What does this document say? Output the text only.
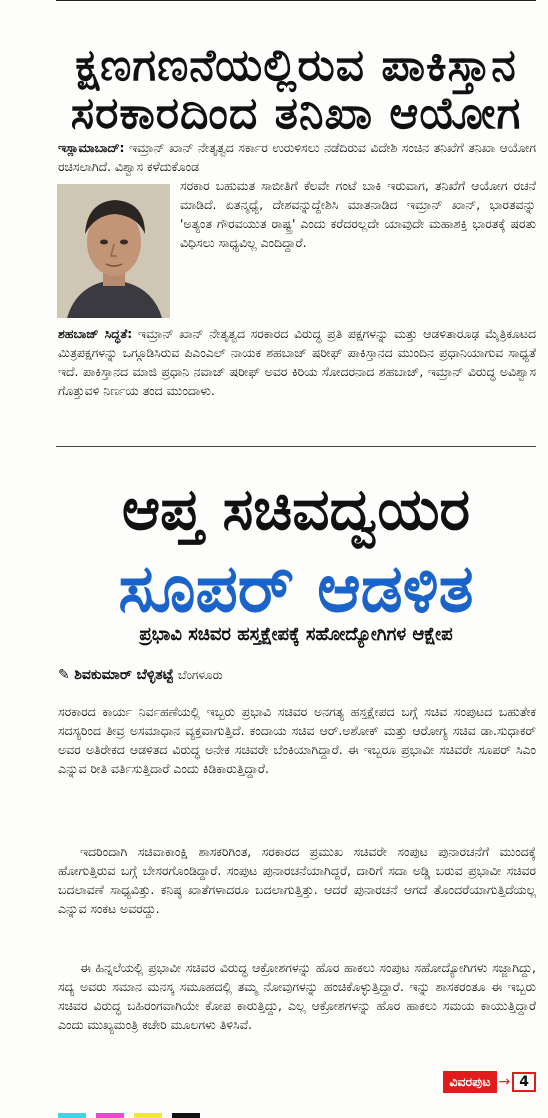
ಕ್ಷಣಗಣನೆಯಲ್ಲಿರುವ ಪಾಕಿಸ್ತಾನ
ಸರಕಾರದಿಂದ ತನಿಖಾ ಆಯೋಗ
ಇಸ್ಲಾಮಾಬಾದ್: ಇಮ್ರಾನ್ ಖಾನ್ ನೇತೃತ್ವದ ಸರ್ಕಾರ ಉರುಳಿಸಲು ನಡೆದಿರುವ ವಿದೇಶಿ ಸಂಚಿನ ತನಿಖೆಗೆ ತನಿಖಾ ಆಯೋಗ ರಚಿಸಲಾಗಿದೆ. ವಿಶ್ವಾಸ ಕಳೆದುಕೊಂಡ
ಸರಕಾರ ಬಹುಮತ ಸಾಬೀತಿಗೆ ಕೆಲವೇ ಗಂಟೆ ಬಾಕಿ ಇರುವಾಗ, ತನಿಖೆಗೆ ಆಯೋಗ ರಚನೆ ಮಾಡಿದೆ. ಏತನ್ಮಧ್ಯೆ, ದೇಶವನ್ನುದ್ದೇಶಿಸಿ ಮಾತನಾಡಿದ ಇಮ್ರಾನ್ ಖಾನ್, ಭಾರತವನ್ನು 'ಅತ್ಯಂತ ಗೌರವಯುತ ರಾಷ್ಟ್ರ' ಎಂದು ಕರೆದರಲ್ಲದೇ ಯಾವುದೇ ಮಹಾಶಕ್ತಿ ಭಾರತಕ್ಕೆ ಷರತು ವಿಧಿಸಲು ಸಾಧ್ಯವಿಲ್ಲ ಎಂದಿದ್ದಾರೆ.
ಶಹಬಾಜ್ ಸಿದ್ಧತೆ: ಇಮ್ರಾನ್ ಖಾನ್ ನೇತೃತ್ವದ ಸರಕಾರದ ವಿರುದ್ಧ ಪ್ರತಿ ಪಕ್ಷಗಳನ್ನು ಮತ್ತು ಆಡಳಿತಾರೂಢ ಮೈತ್ರಿಕೂಟದ ಮಿತ್ರಪಕ್ಷಗಳನ್ನು ಒಗ್ಗೂಡಿಸಿರುವ ಪಿಎಂಎಲ್ ನಾಯಕ ಶಹಬಾಜ್ ಷರೀಫ್ ಪಾಕಿಸ್ತಾನದ ಮುಂದಿನ ಪ್ರಧಾನಿಯಾಗುವ ಸಾಧ್ಯತೆ ಇದೆ. ಪಾಕಿಸ್ತಾನದ ಮಾಜಿ ಪ್ರಧಾನಿ ನವಾಜ್ ಷರೀಫ್ ಅವರ ಕಿರಿಯ ಸೋದರನಾದ ಶಹಬಾಜ್, ಇಮ್ರಾನ್ ವಿರುದ್ಧ ಅವಿಶ್ವಾಸ ಗೊತ್ತುವಳಿ ನಿರ್ಣಯ ತಂದ ಮುಂದಾಳು.
ಆಪ್ತ ಸಚಿವದ್ವಯರ
ಸೂಪರ್ ಆಡಳಿತ
ಪ್ರಭಾವಿ ಸಚಿವರ ಹಸ್ತಕ್ಷೇಪಕ್ಕೆ ಸಹೋದ್ಯೋಗಿಗಳ ಆಕ್ಷೇಪ
✎ ಶಿವಕುಮಾರ್ ಬೆಳ್ಳಿತಟ್ಟೆ ಬೆಂಗಳೂರು
ಸರಕಾರದ ಕಾರ್ಯ ನಿರ್ವಹಣೆಯಲ್ಲಿ ಇಬ್ಬರು ಪ್ರಭಾವಿ ಸಚಿವರ ಅನಗತ್ಯ ಹಸ್ತಕ್ಷೇಪದ ಬಗ್ಗೆ ಸಚಿವ ಸಂಪುಟದ ಬಹುತೇಕ ಸದಸ್ಯರಿಂದ ತೀವ್ರ ಅಸಮಾಧಾನ ವ್ಯಕ್ತವಾಗುತ್ತಿದೆ. ಕಂದಾಯ ಸಚಿವ ಆರ್.ಅಶೋಕ್ ಮತ್ತು ಆರೋಗ್ಯ ಸಚಿವ ಡಾ.ಸುಧಾಕರ್ ಅವರ ಅತಿರೇಕದ ಆಡಳಿತದ ವಿರುದ್ಧ ಅನೇಕ ಸಚಿವರೇ ಬೆಂಕಿಯಾಗಿದ್ದಾರೆ. ಈ ಇಬ್ಬರೂ ಪ್ರಭಾವೀ ಸಚಿವರೇ ಸೂಪರ್ ಸಿಎಂ ಎನ್ನುವ ರೀತಿ ವರ್ತಿಸುತ್ತಿದಾರೆ ಎಂದು ಕಿಡಿಕಾರುತ್ತಿದ್ದಾರೆ.
ಇದರಿಂದಾಗಿ ಸಚಿವಾಕಾಂಕ್ಷಿ ಶಾಸಕರಿಗಿಂತ, ಸರಕಾರದ ಪ್ರಮುಖ ಸಚಿವರೇ ಸಂಪುಟ ಪುನಾರಚನೆಗೆ ಮುಂದಕ್ಕೆ ಹೋಗುತ್ತಿರುವ ಬಗ್ಗೆ ಬೇಸರಗೊಂಡಿದ್ದಾರೆ. ಸಂಪುಟ ಪುನಾರಚನೆಯಾಗಿದ್ದರೆ, ದಾರಿಗೆ ಸದಾ ಅಡ್ಡಿ ಬರುವ ಪ್ರಭಾವೀ ಸಚಿವರ ಬದಲಾವಣೆ ಸಾಧ್ಯವಿತ್ತು. ಕನಿಷ್ಠ ಖಾತೆಗಳಾದರೂ ಬದಲಾಗುತ್ತಿತ್ತು. ಆದರೆ ಪುನಾರಚನೆ ಆಗದೆ ತೊಂದರೆಯಾಗುತ್ತಿದೆಯಲ್ಲ ಎನ್ನುವ ಸಂಕಟ ಅವರದ್ದು.
ಈ ಹಿನ್ನಲೆಯಲ್ಲಿ ಪ್ರಭಾವೀ ಸಚಿವರ ವಿರುದ್ಧ ಆಕ್ರೋಶಗಳನ್ನು ಹೊರ ಹಾಕಲು ಸಂಪುಟ ಸಹೋದ್ಯೋಗಿಗಳು ಸಜ್ಜಾಗಿದ್ದು, ಸದ್ಯ ಅವರು ಸಮಾನ ಮನಸ್ಕ ಸಮೂಹದಲ್ಲಿ ತಮ್ಮ ನೋವುಗಳನ್ನು ಹಂಚಿಕೊಳ್ಳುತ್ತಿದ್ದಾರೆ. ಇನ್ನು ಶಾಸಕರಂತೂ ಈ ಇಬ್ಬರು ಸಚಿವರ ವಿರುದ್ಧ ಬಹಿರಂಗವಾಗಿಯೇ ಕೋಪ ಕಾರುತ್ತಿದ್ದು, ಎಲ್ಲ ಆಕ್ರೋಶಗಳನ್ನು ಹೊರ ಹಾಕಲು ಸಮಯ ಕಾಯುತ್ತಿದ್ದಾರೆ ಎಂದು ಮುಖ್ಯಮಂತ್ರಿ ಕಚೇರಿ ಮೂಲಗಳು ತಿಳಿಸಿವೆ.
ವಿವರಪುಟ → 4
